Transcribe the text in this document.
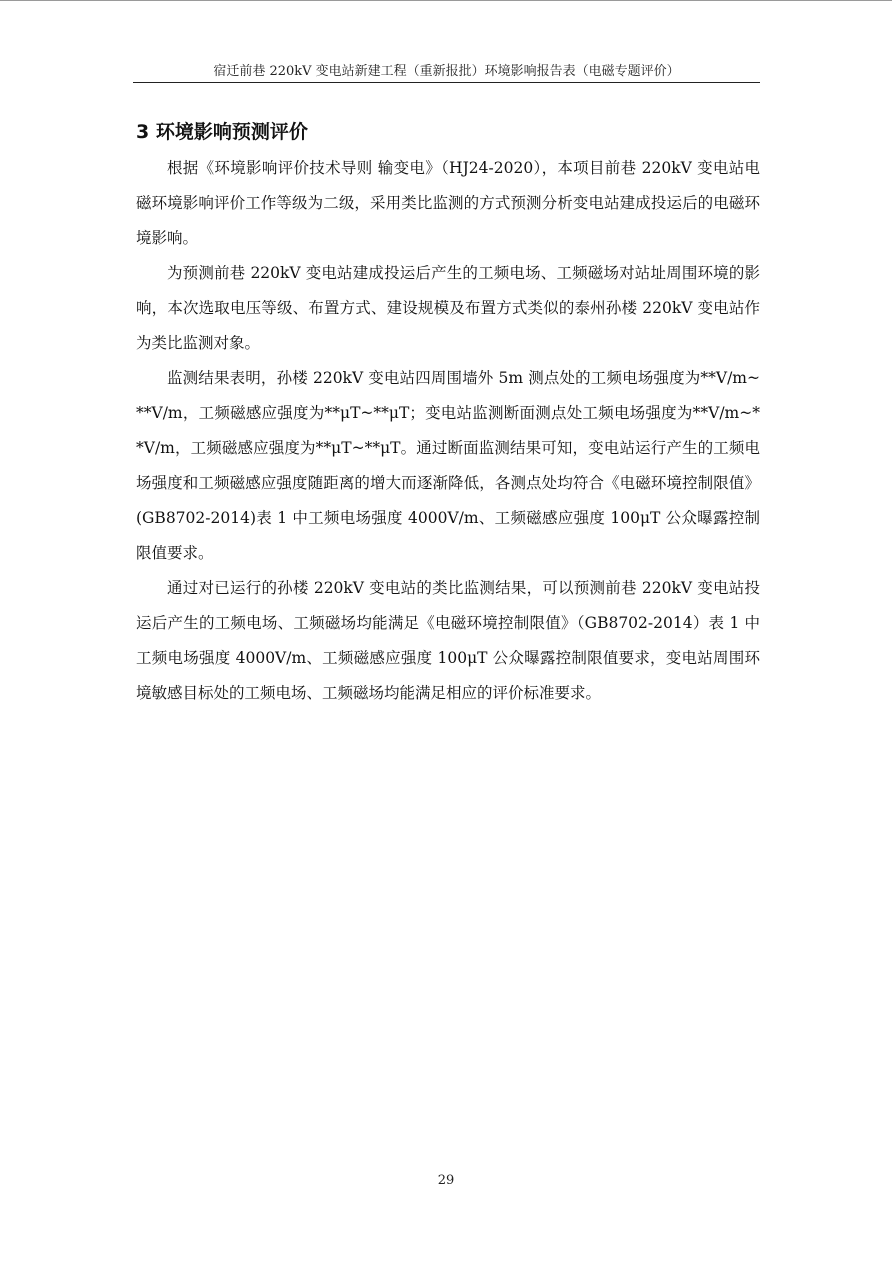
宿迁前巷 220kV 变电站新建工程（重新报批）环境影响报告表（电磁专题评价）
3 环境影响预测评价

根据《环境影响评价技术导则 输变电》（HJ24-2020），本项目前巷 220kV 变电站电磁环境影响评价工作等级为二级，采用类比监测的方式预测分析变电站建成投运后的电磁环境影响。

为预测前巷 220kV 变电站建成投运后产生的工频电场、工频磁场对站址周围环境的影响，本次选取电压等级、布置方式、建设规模及布置方式类似的泰州孙楼 220kV 变电站作为类比监测对象。

监测结果表明，孙楼 220kV 变电站四周围墙外 5m 测点处的工频电场强度为**V/m~**V/m，工频磁感应强度为**μT~**μT；变电站监测断面测点处工频电场强度为**V/m~**V/m，工频磁感应强度为**μT~**μT。通过断面监测结果可知，变电站运行产生的工频电场强度和工频磁感应强度随距离的增大而逐渐降低，各测点处均符合《电磁环境控制限值》(GB8702-2014)表 1 中工频电场强度 4000V/m、工频磁感应强度 100μT 公众曝露控制限值要求。

通过对已运行的孙楼 220kV 变电站的类比监测结果，可以预测前巷 220kV 变电站投运后产生的工频电场、工频磁场均能满足《电磁环境控制限值》（GB8702-2014）表 1 中工频电场强度 4000V/m、工频磁感应强度 100μT 公众曝露控制限值要求，变电站周围环境敏感目标处的工频电场、工频磁场均能满足相应的评价标准要求。

29
